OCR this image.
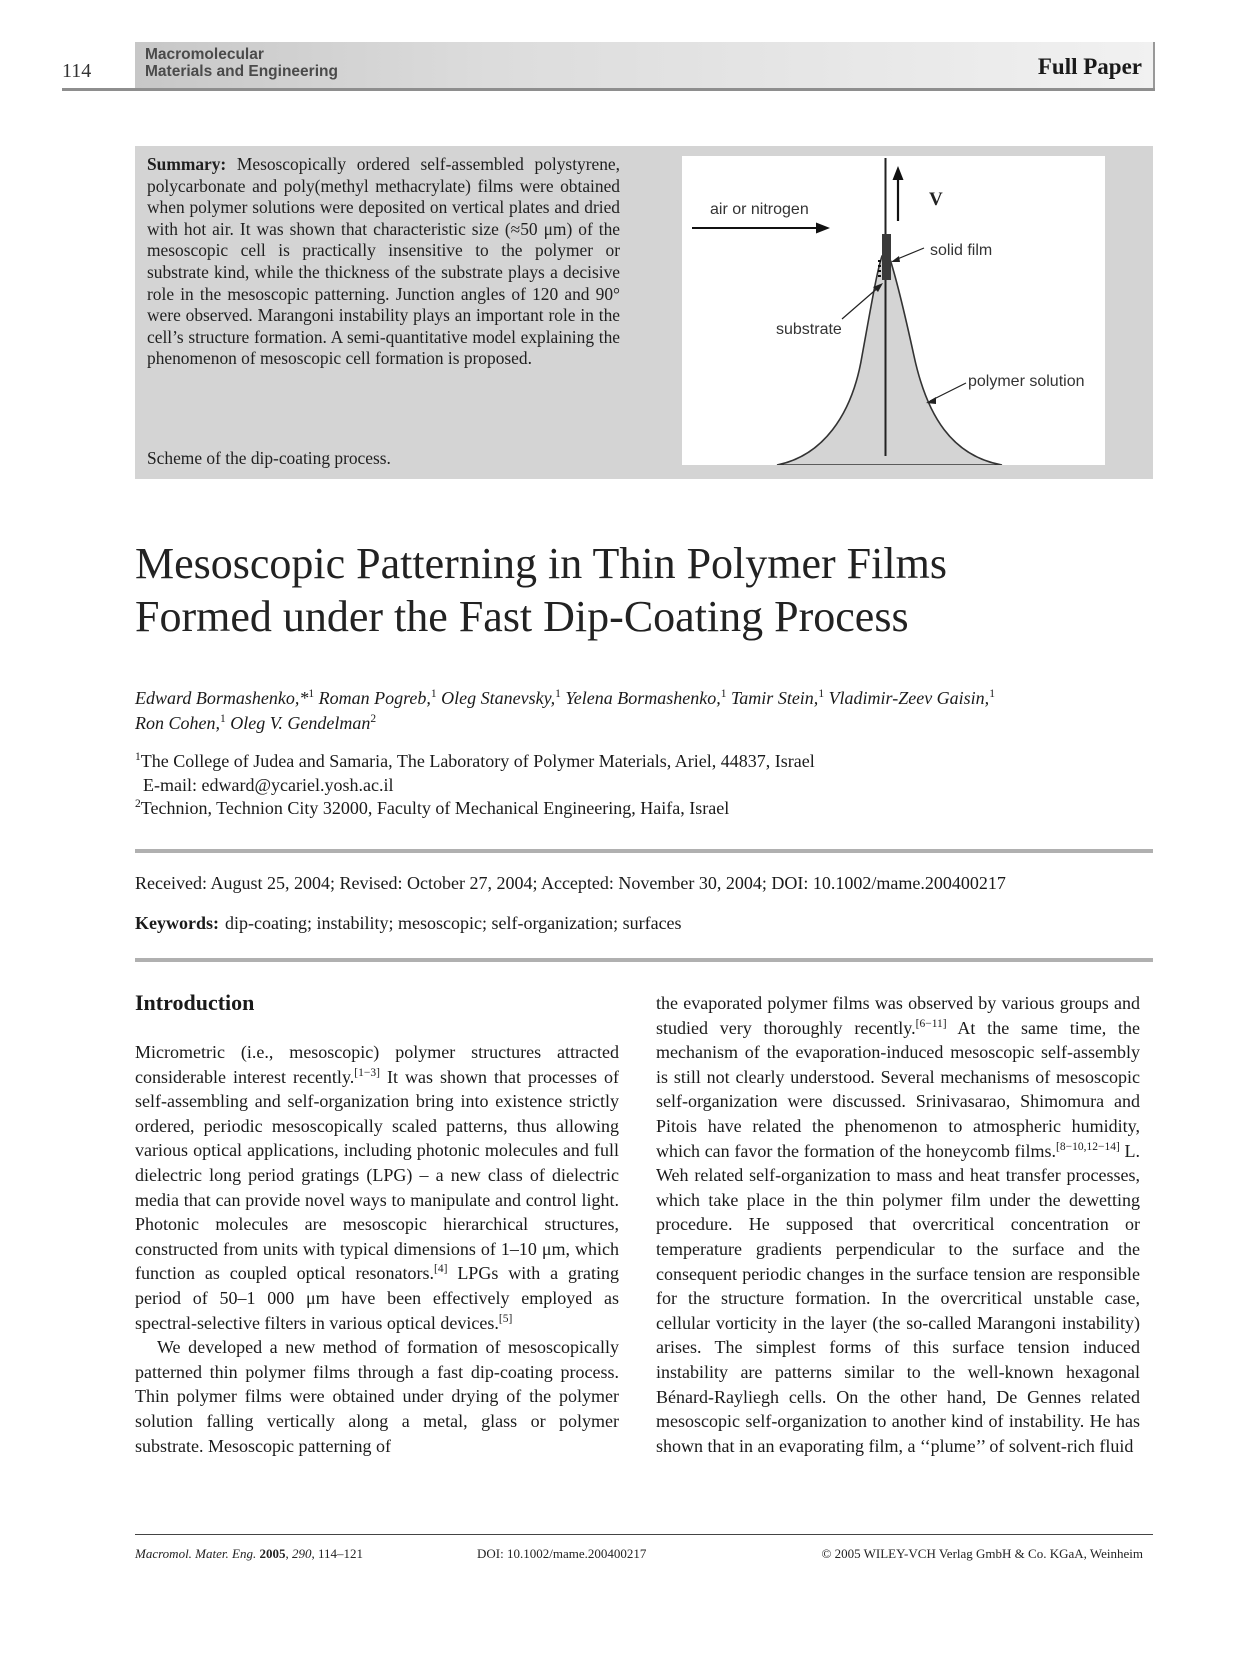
114
Macromolecular
Materials and Engineering	Full Paper
Summary: Mesoscopically ordered self-assembled polystyrene, polycarbonate and poly(methyl methacrylate) films were obtained when polymer solutions were deposited on vertical plates and dried with hot air. It was shown that characteristic size (≈50 μm) of the mesoscopic cell is practically insensitive to the polymer or substrate kind, while the thickness of the substrate plays a decisive role in the mesoscopic patterning. Junction angles of 120 and 90° were observed. Marangoni instability plays an important role in the cell’s structure formation. A semi-quantitative model explaining the phenomenon of mesoscopic cell formation is proposed.
Scheme of the dip-coating process.
V
air or nitrogen
solid film
substrate
polymer solution
Mesoscopic Patterning in Thin Polymer Films
Formed under the Fast Dip-Coating Process
Edward Bormashenko,*$^1$ Roman Pogreb,$^1$ Oleg Stanevsky,$^1$ Yelena Bormashenko,$^1$ Tamir Stein,$^1$ Vladimir-Zeev Gaisin,$^1$
Ron Cohen,$^1$ Oleg V. Gendelman$^2$
$^1$The College of Judea and Samaria, The Laboratory of Polymer Materials, Ariel, 44837, Israel
E-mail: edward@ycariel.yosh.ac.il
$^2$Technion, Technion City 32000, Faculty of Mechanical Engineering, Haifa, Israel
Received: August 25, 2004; Revised: October 27, 2004; Accepted: November 30, 2004; DOI: 10.1002/mame.200400217
Keywords: dip-coating; instability; mesoscopic; self-organization; surfaces
Introduction

Micrometric (i.e., mesoscopic) polymer structures attracted considerable interest recently.[1−3] It was shown that processes of self-assembling and self-organization bring into existence strictly ordered, periodic mesoscopically scaled patterns, thus allowing various optical applications, including photonic molecules and full dielectric long period gratings (LPG) – a new class of dielectric media that can provide novel ways to manipulate and control light. Photonic molecules are mesoscopic hierarchical structures, constructed from units with typical dimensions of 1–10 μm, which function as coupled optical resonators.[4] LPGs with a grating period of 50–1 000 μm have been effectively employed as spectral-selective filters in various optical devices.[5]

We developed a new method of formation of mesoscopically patterned thin polymer films through a fast dip-coating process. Thin polymer films were obtained under drying of the polymer solution falling vertically along a metal, glass or polymer substrate. Mesoscopic patterning of

the evaporated polymer films was observed by various groups and studied very thoroughly recently.[6−11] At the same time, the mechanism of the evaporation-induced mesoscopic self-assembly is still not clearly understood. Several mechanisms of mesoscopic self-organization were discussed. Srinivasarao, Shimomura and Pitois have related the phenomenon to atmospheric humidity, which can favor the formation of the honeycomb films.[8−10,12−14] L. Weh related self-organization to mass and heat transfer processes, which take place in the thin polymer film under the dewetting procedure. He supposed that overcritical concentration or temperature gradients perpendicular to the surface and the consequent periodic changes in the surface tension are responsible for the structure formation. In the overcritical unstable case, cellular vorticity in the layer (the so-called Marangoni instability) arises. The simplest forms of this surface tension induced instability are patterns similar to the well-known hexagonal Bénard-Rayliegh cells. On the other hand, De Gennes related mesoscopic self-organization to another kind of instability. He has shown that in an evaporating film, a ‘‘plume’’ of solvent-rich fluid

Macromol. Mater. Eng. 2005, 290, 114–121	DOI: 10.1002/mame.200400217	© 2005 WILEY-VCH Verlag GmbH & Co. KGaA, Weinheim
